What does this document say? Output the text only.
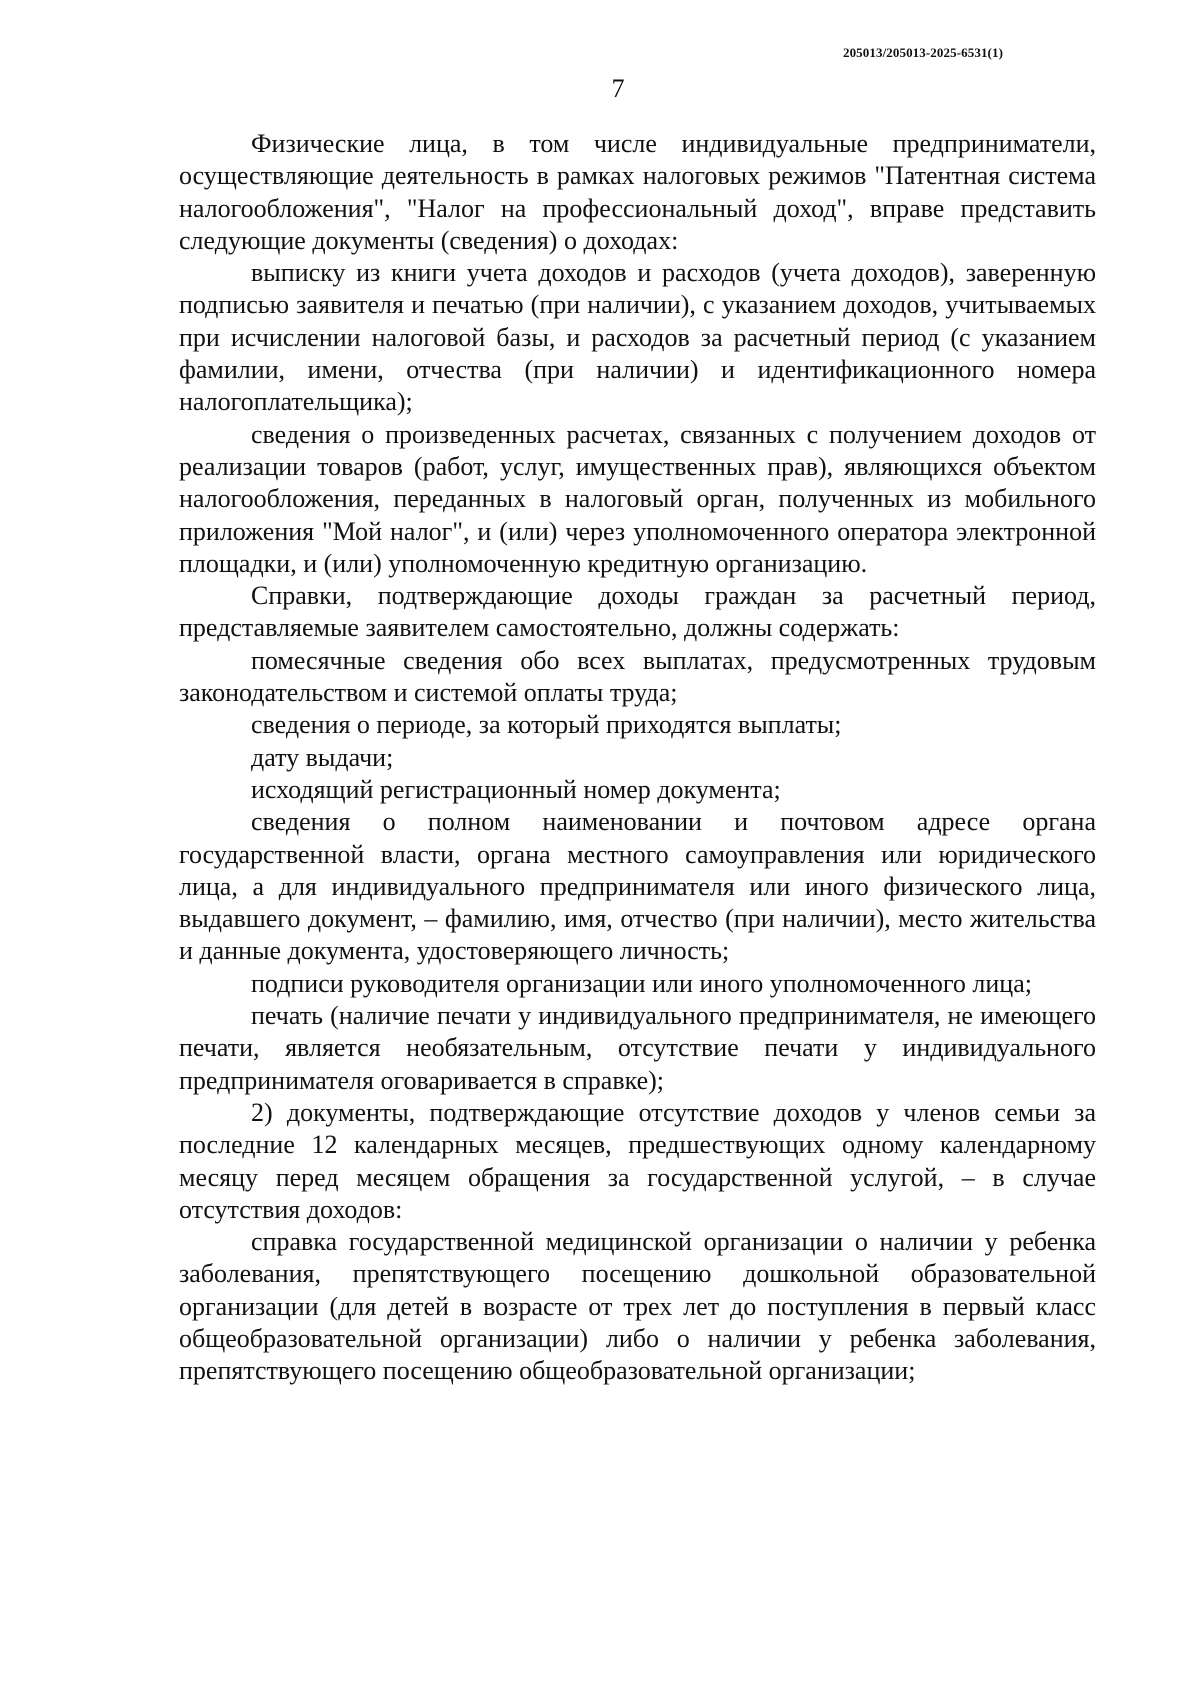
205013/205013-2025-6531(1)
7

Физические лица, в том числе индивидуальные предприниматели, осуществляющие деятельность в рамках налоговых режимов "Патентная система налогообложения", "Налог на профессиональный доход", вправе представить следующие документы (сведения) о доходах:

выписку из книги учета доходов и расходов (учета доходов), заверенную подписью заявителя и печатью (при наличии), с указанием доходов, учитываемых при исчислении налоговой базы, и расходов за расчетный период (с указанием фамилии, имени, отчества (при наличии) и идентификационного номера налогоплательщика);

сведения о произведенных расчетах, связанных с получением доходов от реализации товаров (работ, услуг, имущественных прав), являющихся объектом налогообложения, переданных в налоговый орган, полученных из мобильного приложения "Мой налог", и (или) через уполномоченного оператора электронной площадки, и (или) уполномоченную кредитную организацию.

Справки, подтверждающие доходы граждан за расчетный период, представляемые заявителем самостоятельно, должны содержать:

помесячные сведения обо всех выплатах, предусмотренных трудовым законодательством и системой оплаты труда;

сведения о периоде, за который приходятся выплаты;

дату выдачи;

исходящий регистрационный номер документа;

сведения о полном наименовании и почтовом адресе органа государственной власти, органа местного самоуправления или юридического лица, а для индивидуального предпринимателя или иного физического лица, выдавшего документ, – фамилию, имя, отчество (при наличии), место жительства и данные документа, удостоверяющего личность;

подписи руководителя организации или иного уполномоченного лица;

печать (наличие печати у индивидуального предпринимателя, не имеющего печати, является необязательным, отсутствие печати у индивидуального предпринимателя оговаривается в справке);

2) документы, подтверждающие отсутствие доходов у членов семьи за последние 12 календарных месяцев, предшествующих одному календарному месяцу перед месяцем обращения за государственной услугой, – в случае отсутствия доходов:

справка государственной медицинской организации о наличии у ребенка заболевания, препятствующего посещению дошкольной образовательной организации (для детей в возрасте от трех лет до поступления в первый класс общеобразовательной организации) либо о наличии у ребенка заболевания, препятствующего посещению общеобразовательной организации;
